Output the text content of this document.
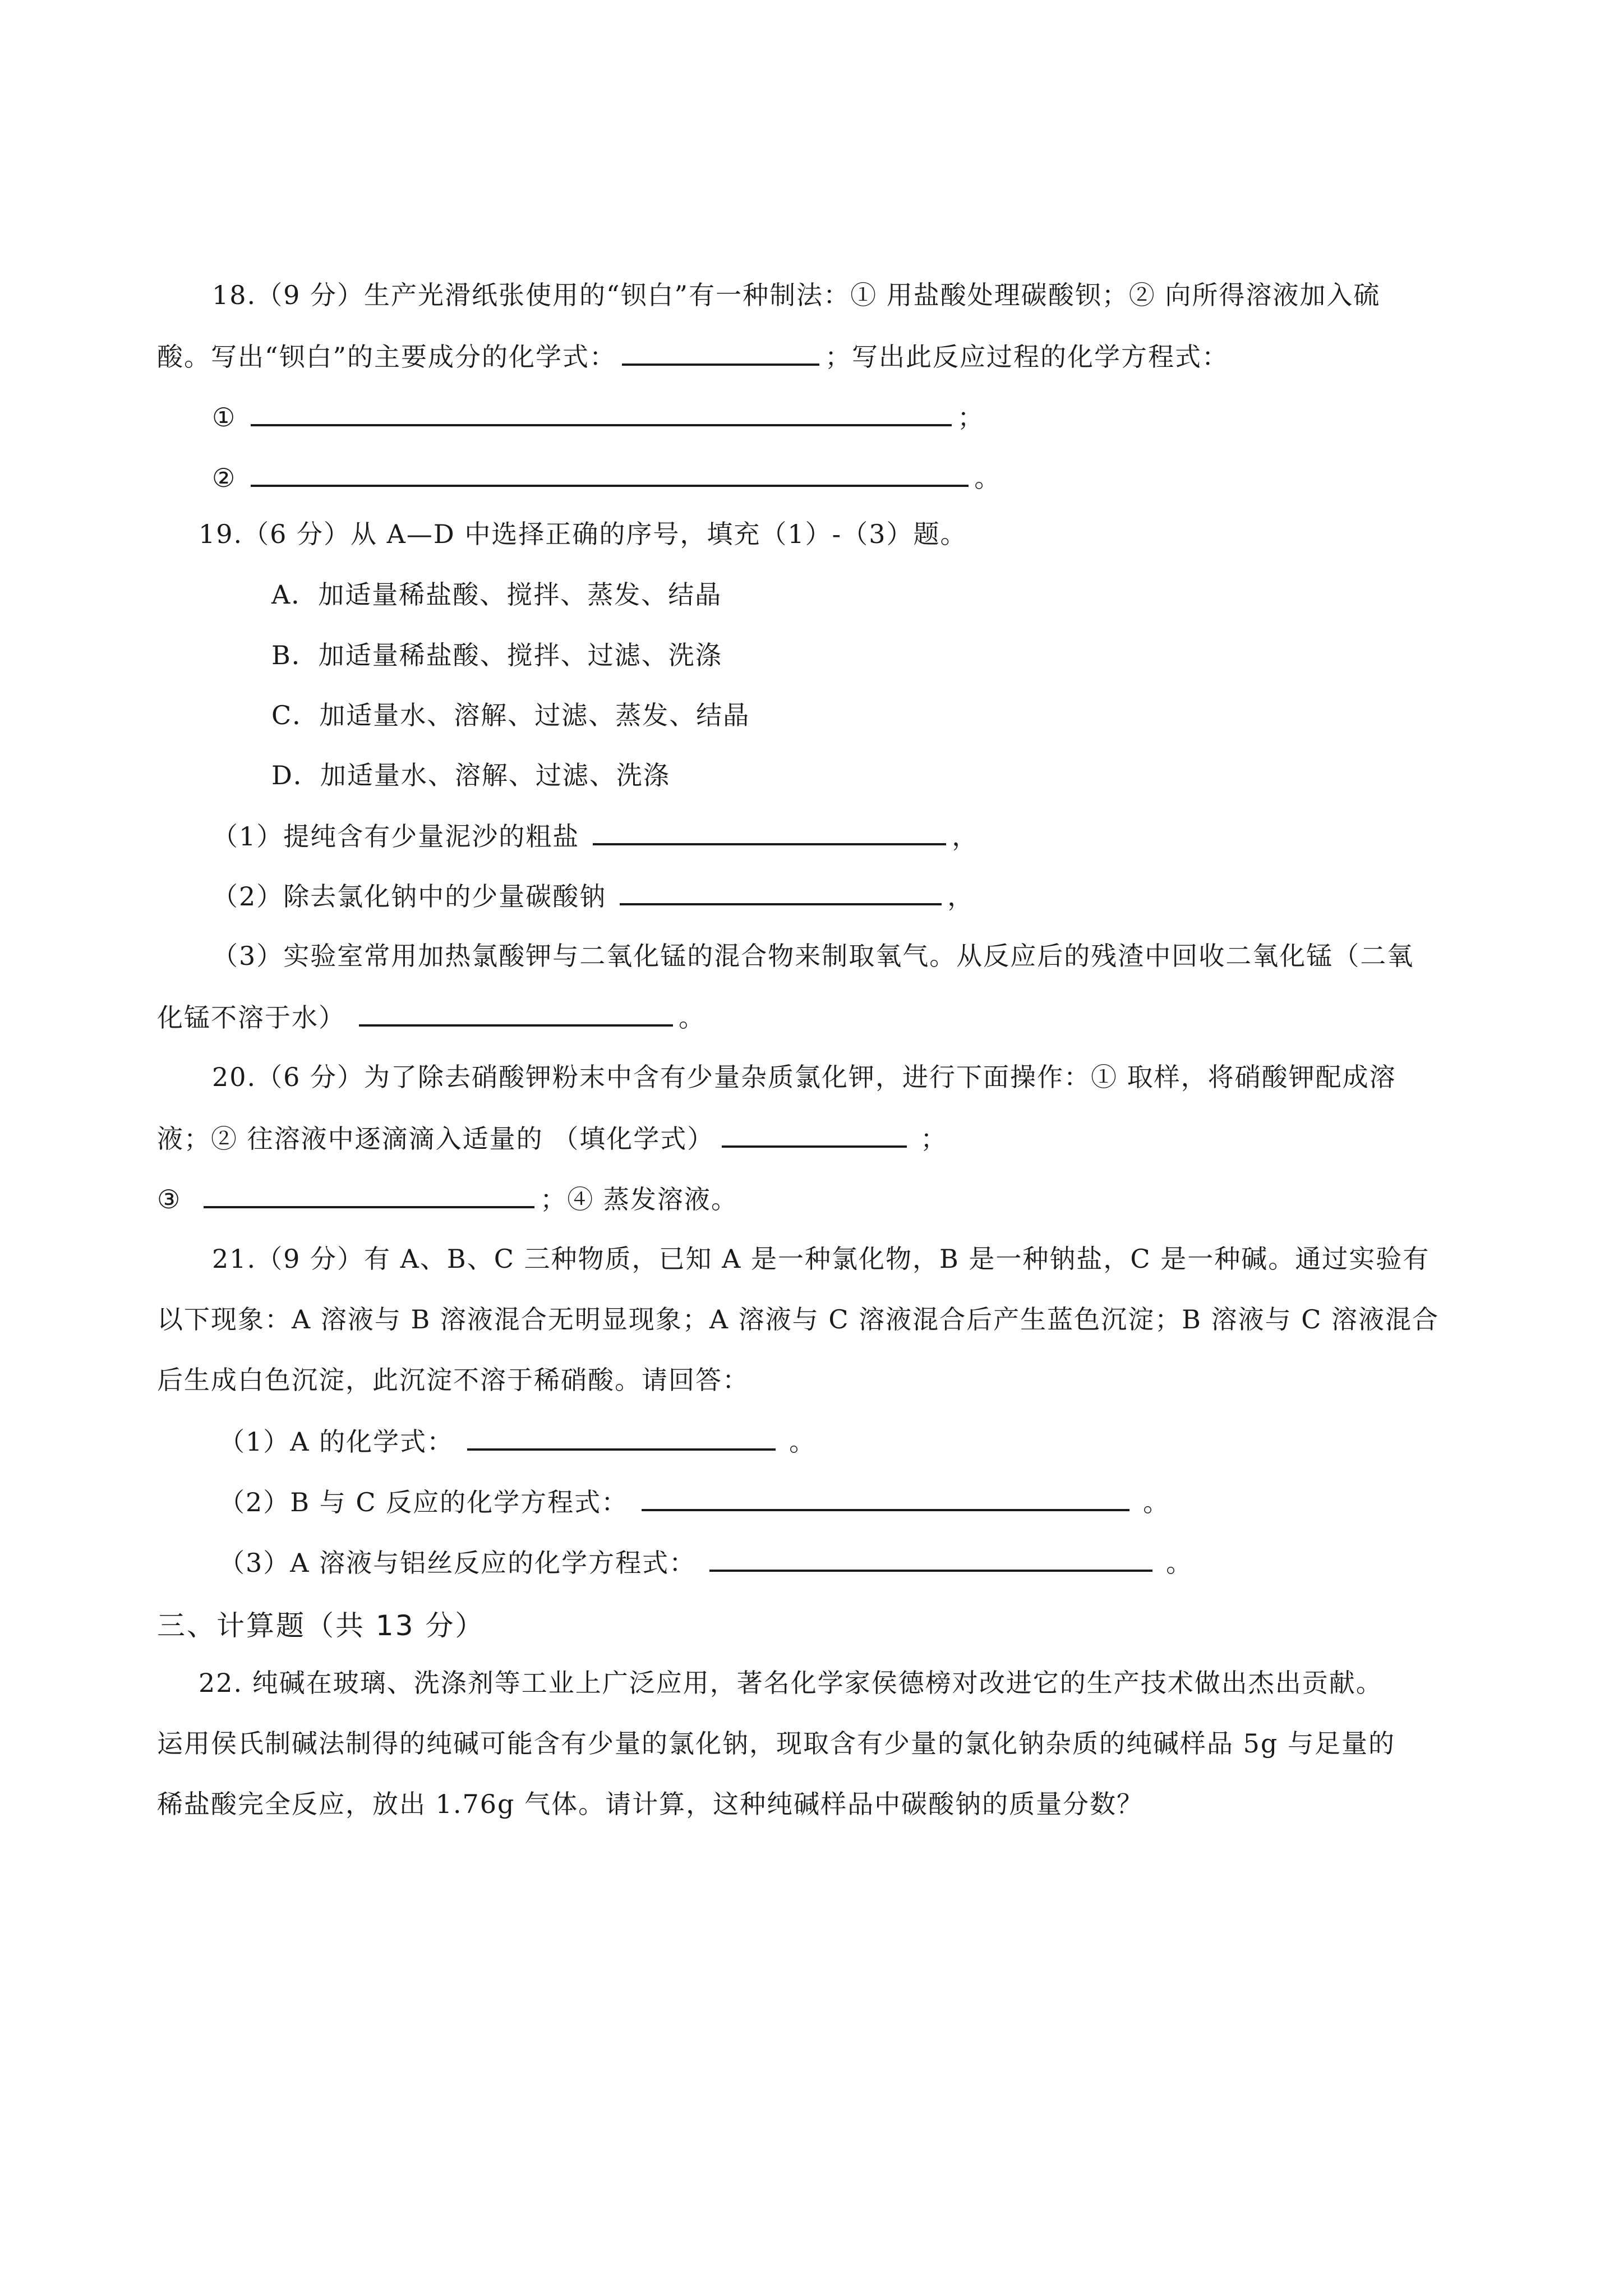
18.（9 分）生产光滑纸张使用的“钡白”有一种制法：① 用盐酸处理碳酸钡；② 向所得溶液加入硫
酸。写出“钡白”的主要成分的化学式：	；写出此反应过程的化学方程式：
①	；
②	。
19.（6 分）从 A—D 中选择正确的序号，填充（1）-（3）题。
A．加适量稀盐酸、搅拌、蒸发、结晶
B．加适量稀盐酸、搅拌、过滤、洗涤
C．加适量水、溶解、过滤、蒸发、结晶
D．加适量水、溶解、过滤、洗涤
（1）提纯含有少量泥沙的粗盐	，
（2）除去氯化钠中的少量碳酸钠	，
（3）实验室常用加热氯酸钾与二氧化锰的混合物来制取氧气。从反应后的残渣中回收二氧化锰（二氧
化锰不溶于水）	。
20.（6 分）为了除去硝酸钾粉末中含有少量杂质氯化钾，进行下面操作：① 取样，将硝酸钾配成溶
液；② 往溶液中逐滴滴入适量的 （填化学式）	；
③	；④ 蒸发溶液。
21.（9 分）有 A、B、C 三种物质，已知 A 是一种氯化物，B 是一种钠盐，C 是一种碱。通过实验有
以下现象：A 溶液与 B 溶液混合无明显现象；A 溶液与 C 溶液混合后产生蓝色沉淀；B 溶液与 C 溶液混合
后生成白色沉淀，此沉淀不溶于稀硝酸。请回答：
（1）A 的化学式：	。
（2）B 与 C 反应的化学方程式：	。
（3）A 溶液与铝丝反应的化学方程式：	。
三、计算题（共 13 分）
22. 纯碱在玻璃、洗涤剂等工业上广泛应用，著名化学家侯德榜对改进它的生产技术做出杰出贡献。
运用侯氏制碱法制得的纯碱可能含有少量的氯化钠，现取含有少量的氯化钠杂质的纯碱样品 5g 与足量的
稀盐酸完全反应，放出 1.76g 气体。请计算，这种纯碱样品中碳酸钠的质量分数？
